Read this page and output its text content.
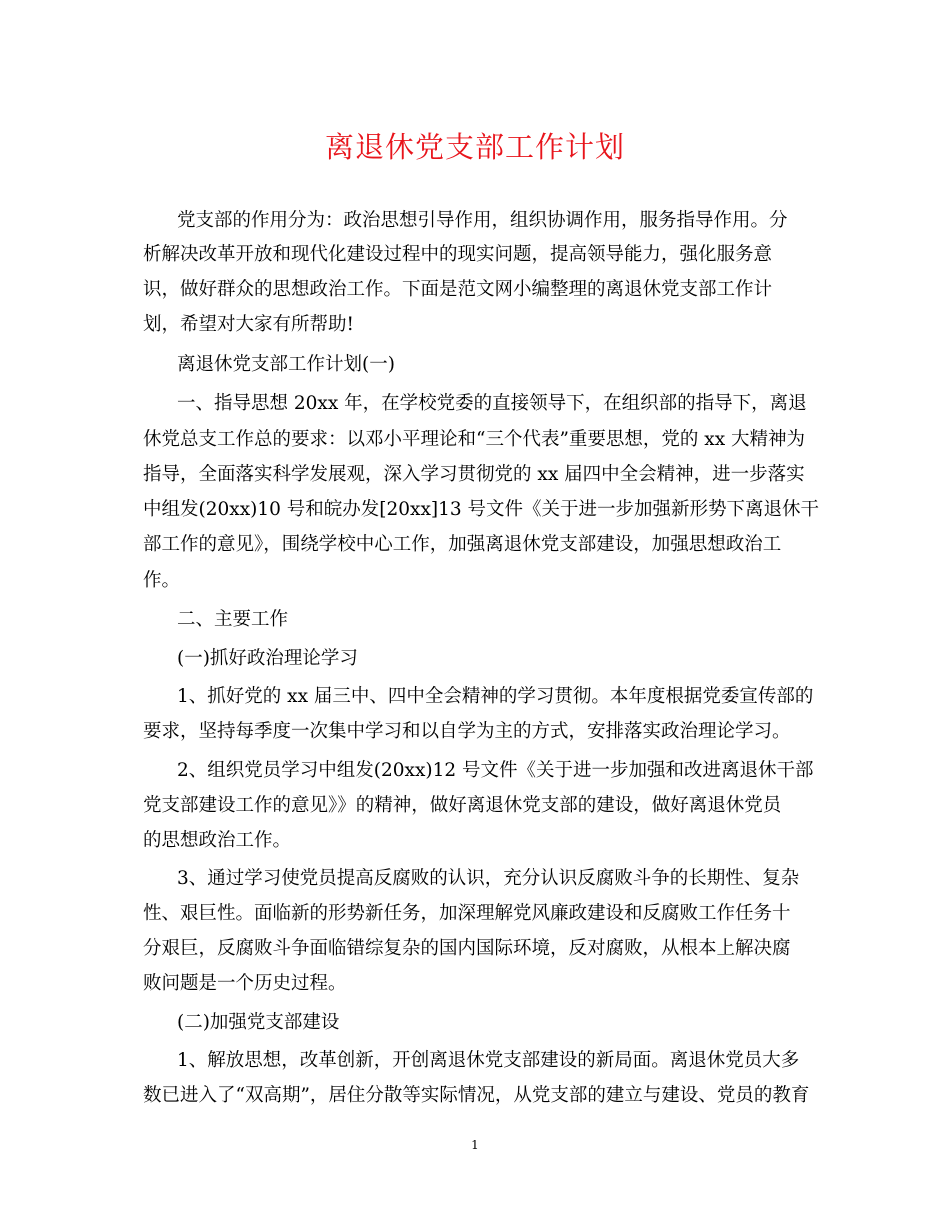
离退休党支部工作计划
党支部的作用分为：政治思想引导作用，组织协调作用，服务指导作用。分
析解决改革开放和现代化建设过程中的现实问题，提高领导能力，强化服务意
识，做好群众的思想政治工作。下面是范文网小编整理的离退休党支部工作计
划，希望对大家有所帮助!
离退休党支部工作计划(一)
一、指导思想 20xx 年，在学校党委的直接领导下，在组织部的指导下，离退
休党总支工作总的要求：以邓小平理论和“三个代表”重要思想，党的 xx 大精神为
指导，全面落实科学发展观，深入学习贯彻党的 xx 届四中全会精神，进一步落实
中组发(20xx)10 号和皖办发[20xx]13 号文件《关于进一步加强新形势下离退休干
部工作的意见》，围绕学校中心工作，加强离退休党支部建设，加强思想政治工
作。
二、主要工作
(一)抓好政治理论学习
1、抓好党的 xx 届三中、四中全会精神的学习贯彻。本年度根据党委宣传部的
要求，坚持每季度一次集中学习和以自学为主的方式，安排落实政治理论学习。
2、组织党员学习中组发(20xx)12 号文件《关于进一步加强和改进离退休干部
党支部建设工作的意见》》的精神，做好离退休党支部的建设，做好离退休党员
的思想政治工作。
3、通过学习使党员提高反腐败的认识，充分认识反腐败斗争的长期性、复杂
性、艰巨性。面临新的形势新任务，加深理解党风廉政建设和反腐败工作任务十
分艰巨，反腐败斗争面临错综复杂的国内国际环境，反对腐败，从根本上解决腐
败问题是一个历史过程。
(二)加强党支部建设
1、解放思想，改革创新，开创离退休党支部建设的新局面。离退休党员大多
数已进入了“双高期”，居住分散等实际情况，从党支部的建立与建设、党员的教育
1
